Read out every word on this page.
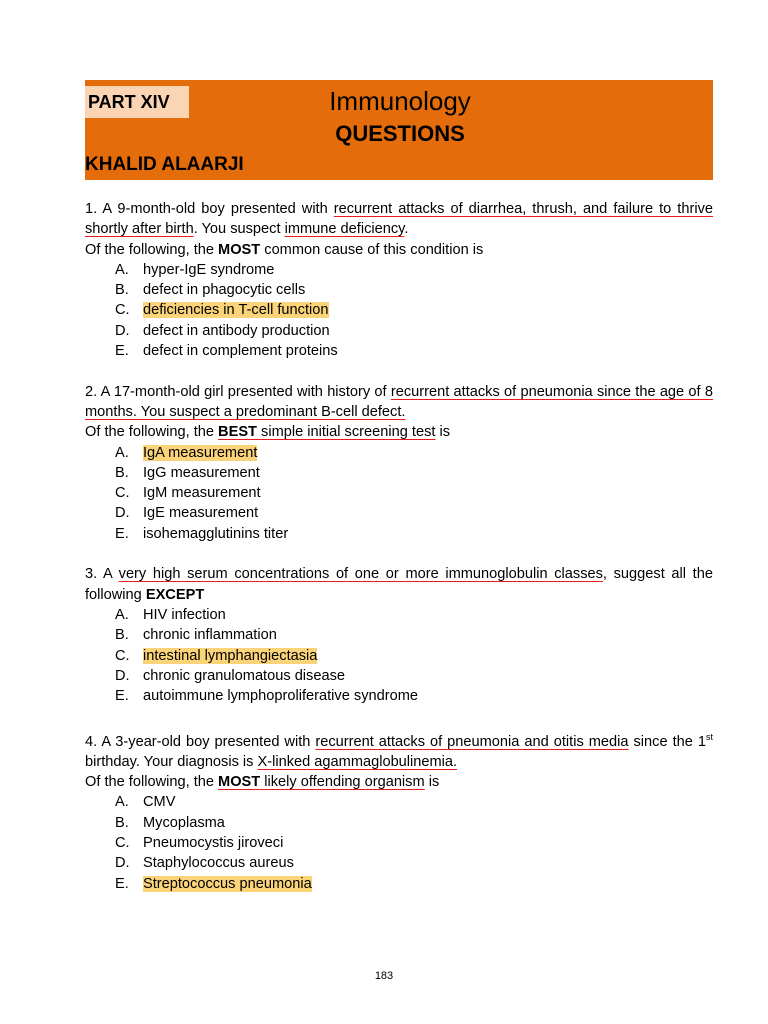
PART XIV	Immunology
QUESTIONS
KHALID ALAARJI
1. A 9-month-old boy presented with recurrent attacks of diarrhea, thrush, and failure to thrive shortly after birth. You suspect immune deficiency.
Of the following, the MOST common cause of this condition is
A. hyper-IgE syndrome
B. defect in phagocytic cells
C. deficiencies in T-cell function
D. defect in antibody production
E. defect in complement proteins
2. A 17-month-old girl presented with history of recurrent attacks of pneumonia since the age of 8 months. You suspect a predominant B-cell defect.
Of the following, the BEST simple initial screening test is
A. IgA measurement
B. IgG measurement
C. IgM measurement
D. IgE measurement
E. isohemagglutinins titer
3. A very high serum concentrations of one or more immunoglobulin classes, suggest all the following EXCEPT
A. HIV infection
B. chronic inflammation
C. intestinal lymphangiectasia
D. chronic granulomatous disease
E. autoimmune lymphoproliferative syndrome
4. A 3-year-old boy presented with recurrent attacks of pneumonia and otitis media since the 1st birthday. Your diagnosis is X-linked agammaglobulinemia.
Of the following, the MOST likely offending organism is
A. CMV
B. Mycoplasma
C. Pneumocystis jiroveci
D. Staphylococcus aureus
E. Streptococcus pneumonia
183
